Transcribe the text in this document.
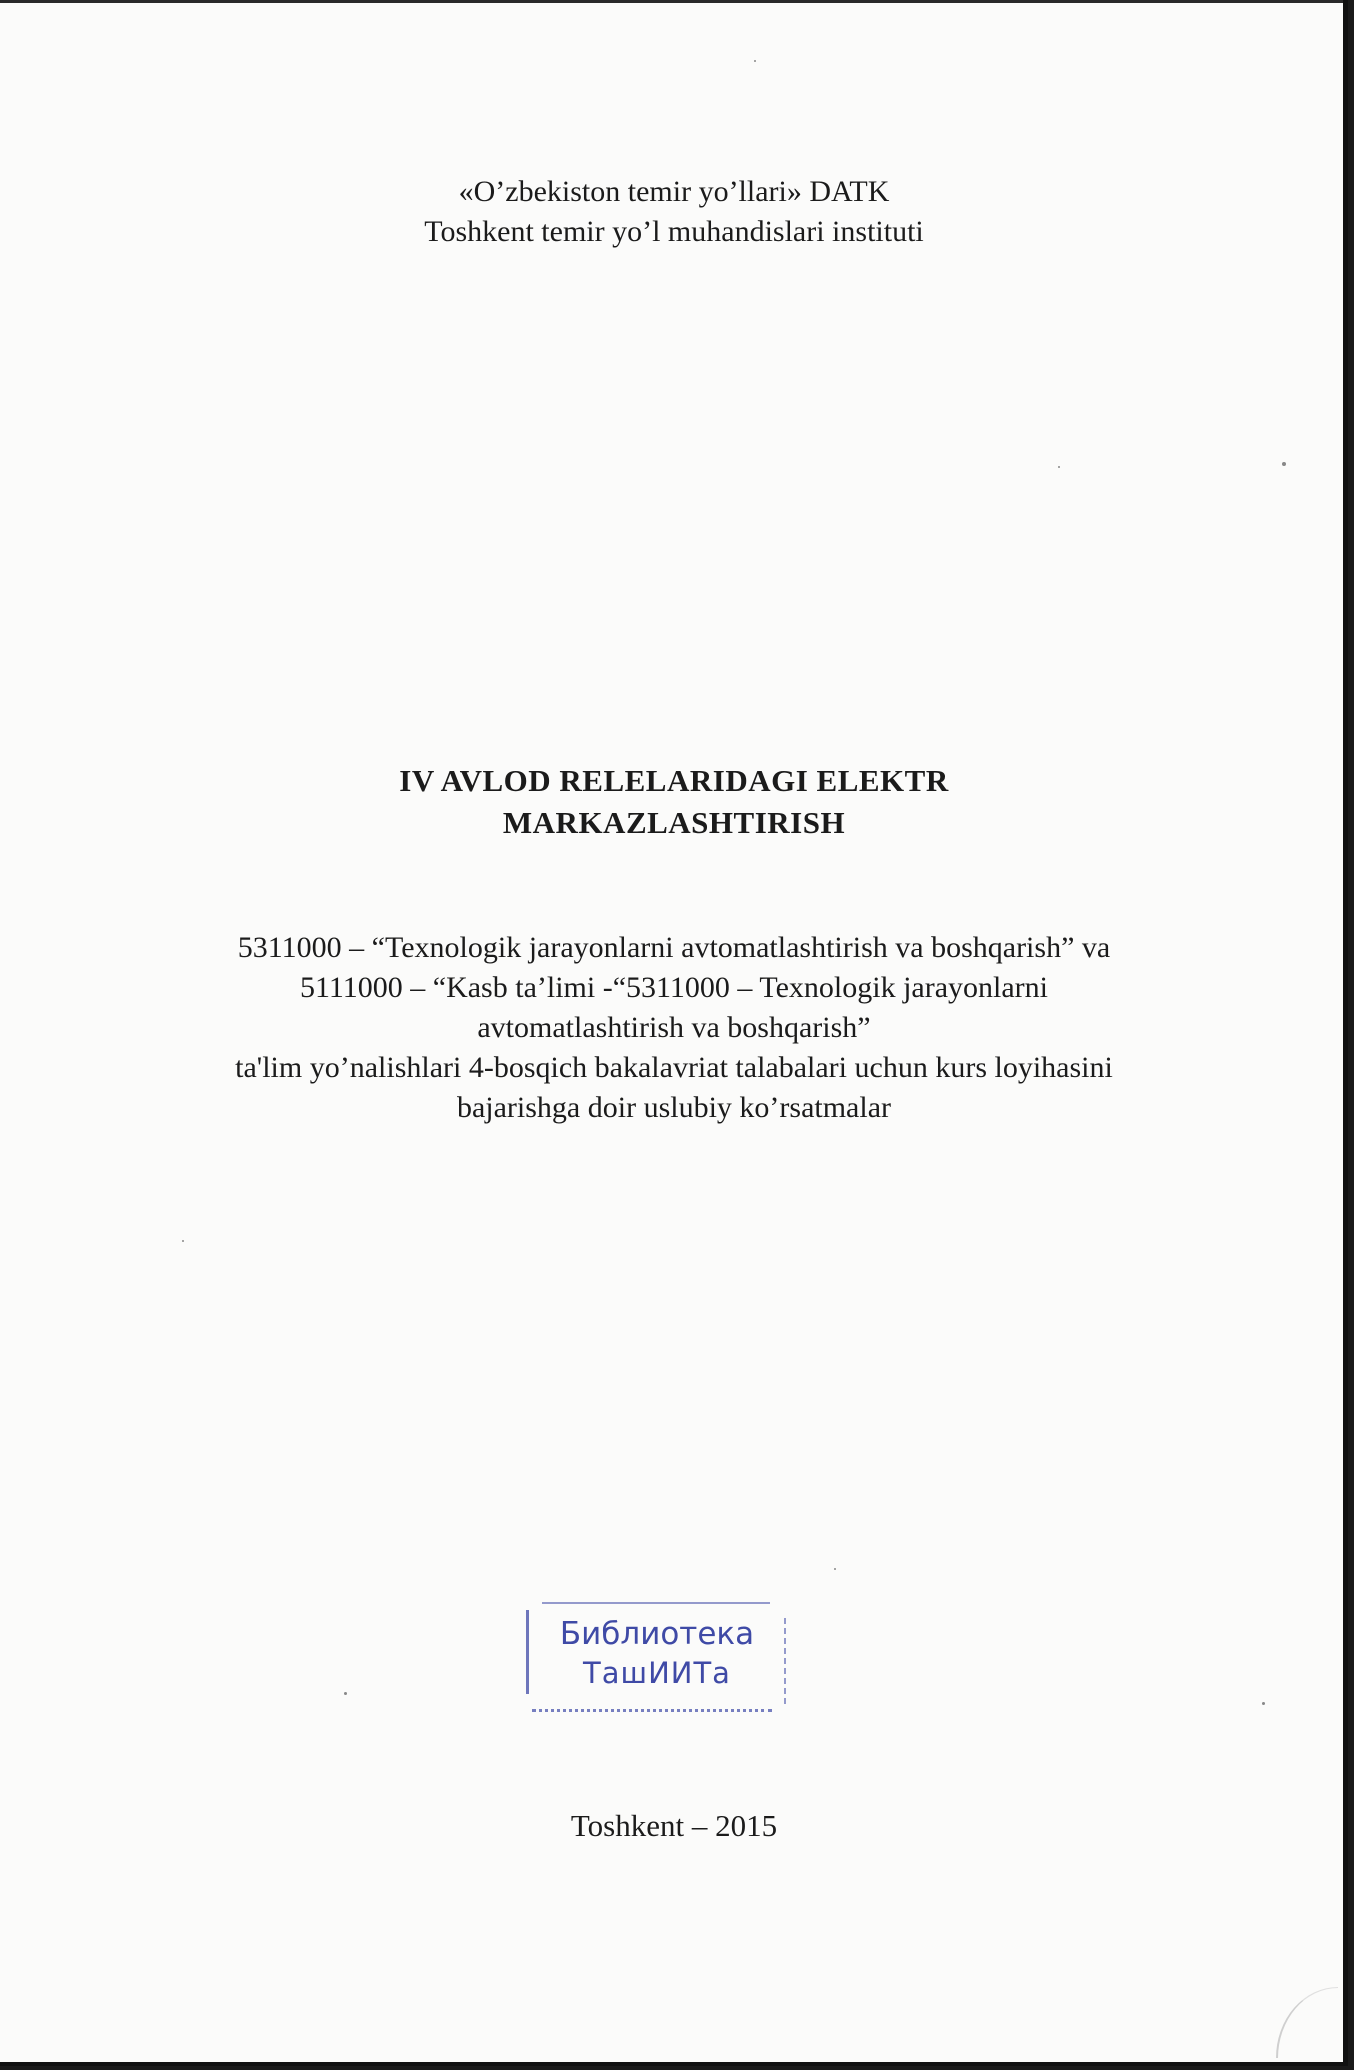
«O’zbekiston temir yo’llari» DATK
Toshkent temir yo’l muhandislari instituti
IV AVLOD RELELARIDAGI ELEKTR
MARKAZLASHTIRISH
5311000 – “Texnologik jarayonlarni avtomatlashtirish va boshqarish” va
5111000 – “Kasb ta’limi -“5311000 – Texnologik jarayonlarni
avtomatlashtirish va boshqarish”
ta'lim yo’nalishlari 4-bosqich bakalavriat talabalari uchun kurs loyihasini
bajarishga doir uslubiy ko’rsatmalar
Библиотека
ТашИИТа
Toshkent – 2015
